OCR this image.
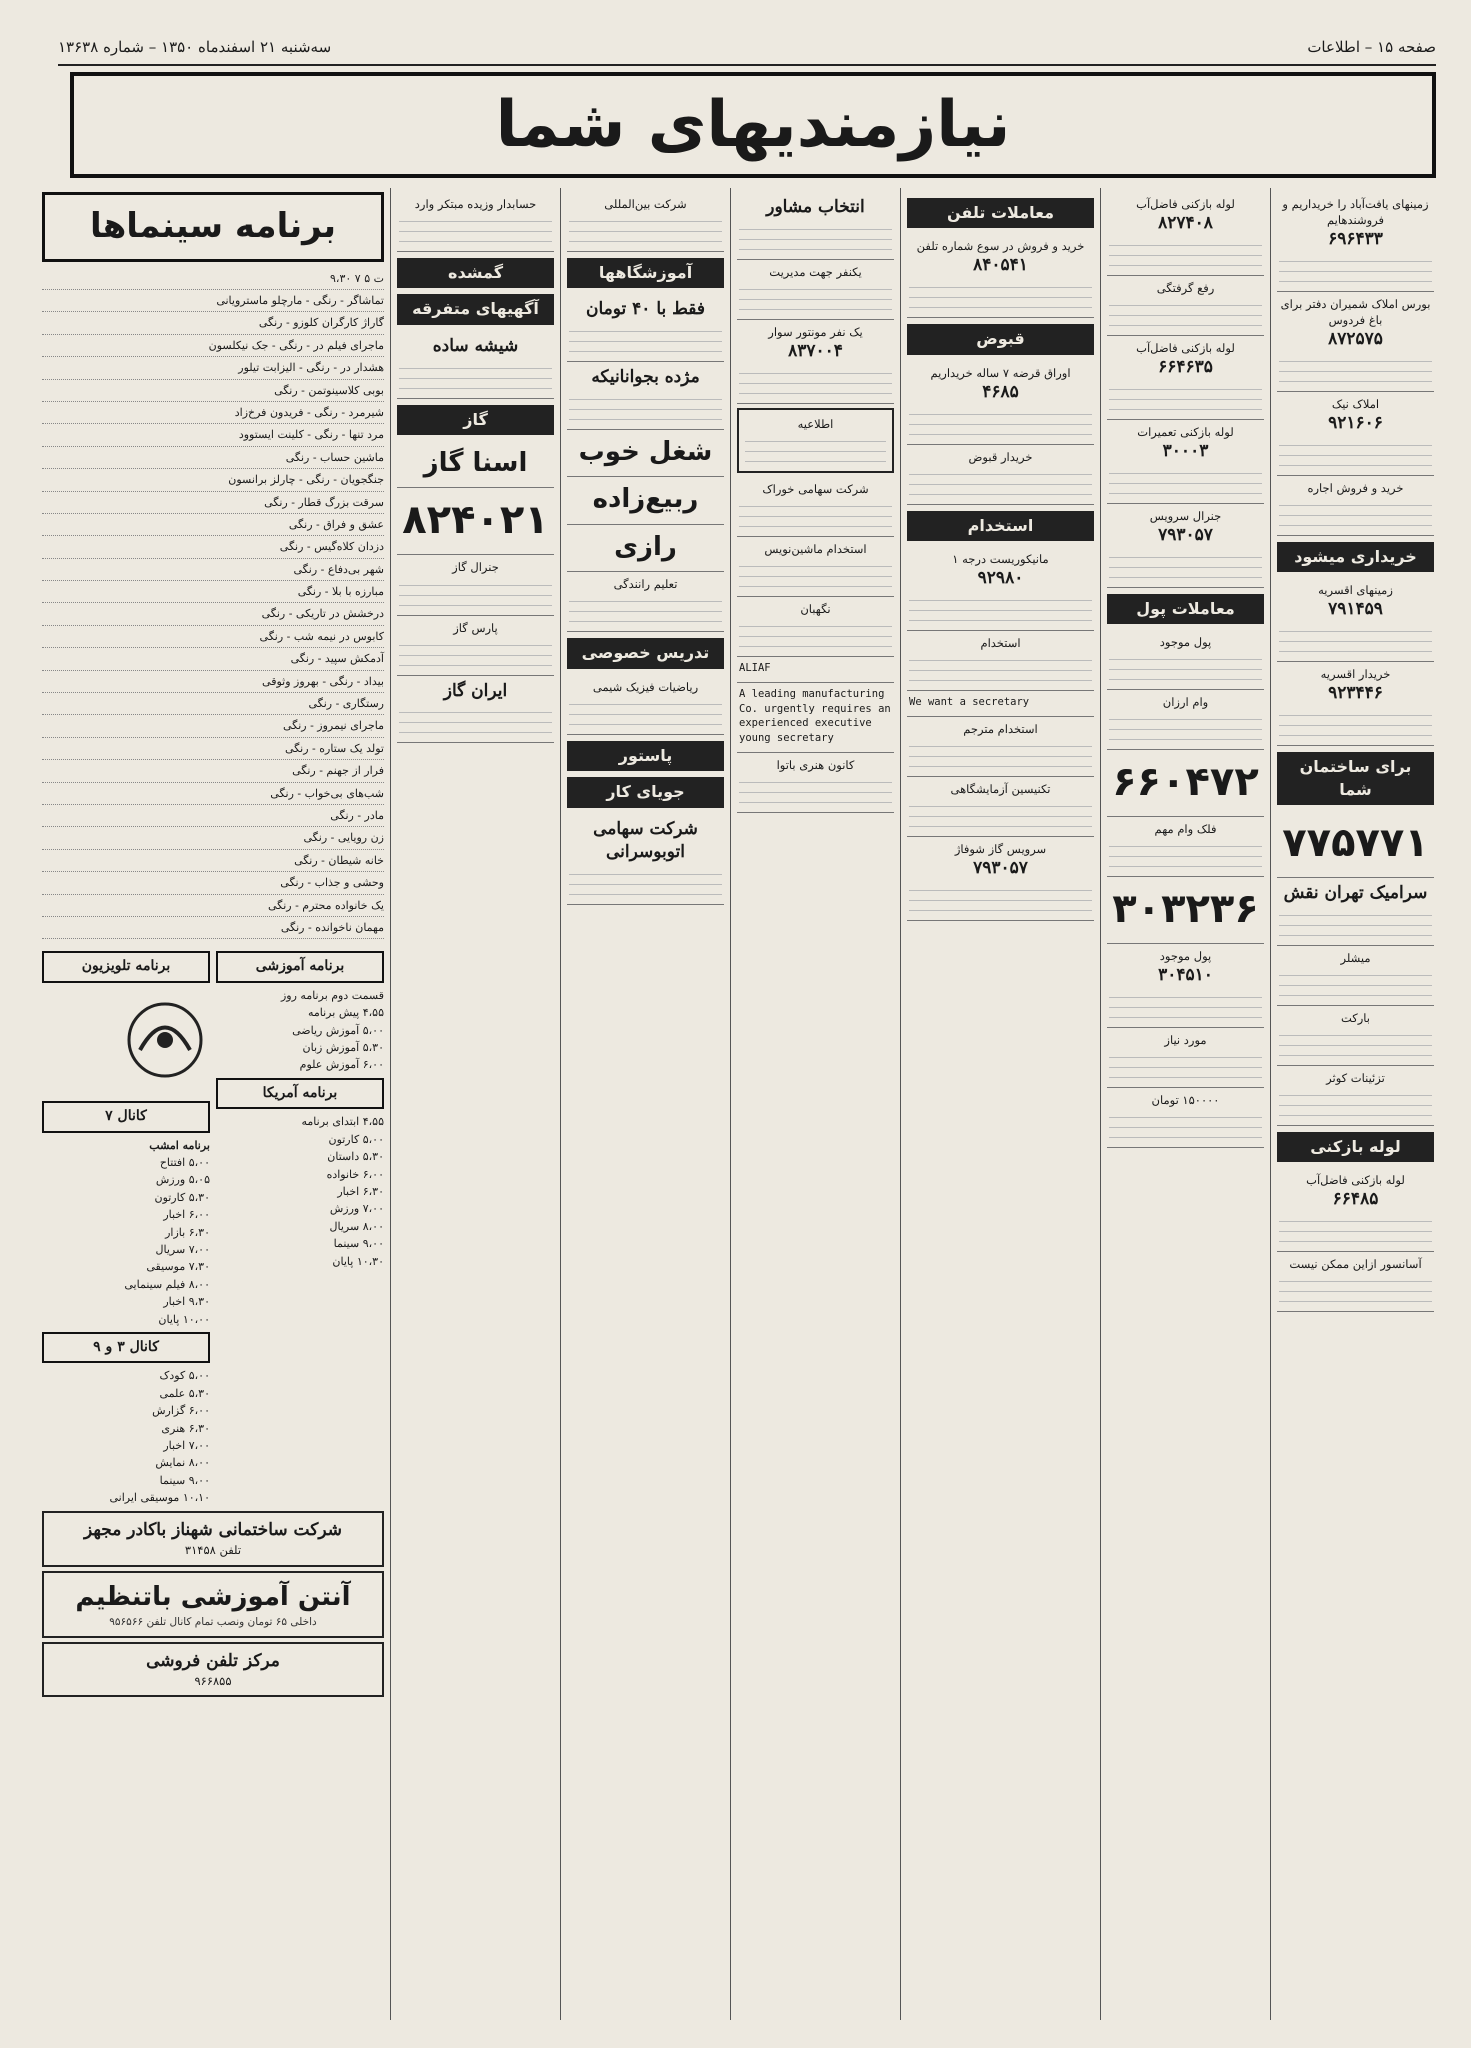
صفحه ۱۵ – اطلاعات
سه‌شنبه ۲۱ اسفندماه ۱۳۵۰ – شماره ۱۳۶۳۸
نیازمندیهای شما
زمینهای یافت‌آباد را خریداریم و فروشندهایم
۶۹۶۴۳۳
بورس املاک شمیران دفتر برای باغ فردوس
۸۷۲۵۷۵
املاک نیک
۹۲۱۶۰۶
خرید و فروش اجاره
خریداری میشود
زمینهای اقسریه
۷۹۱۴۵۹
خریدار اقسریه
۹۲۳۴۴۶
برای ساختمان شما
۷۷۵۷۷۱
سرامیک تهران نقش
میشلر
بارکت
تزئینات کوثر
لوله بازکنی
لوله بازکنی فاضل‌آب
۶۶۴۸۵
آسانسور ازاین ممکن نیست
لوله بازکنی فاضل‌آب
۸۲۷۴۰۸
رفع گرفتگی
لوله بازکنی فاضل‌آب
۶۶۴۶۳۵
لوله بازکنی تعمیرات
۳۰۰۰۳
جنرال سرویس
۷۹۳۰۵۷
معاملات پول
پول موجود
وام ارزان
۶۶۰۴۷۲
فلک وام مهم
۳۰۳۲۳۶
پول موجود
۳۰۴۵۱۰
مورد نیاز
۱۵۰۰۰۰ تومان
معاملات تلفن
خرید و فروش در سوع شماره تلفن
۸۴۰۵۴۱
قبوض
اوراق قرضه ۷ ساله خریداریم
۴۶۸۵
خریدار قبوض
استخدام
مانیکوریست درجه ۱
۹۲۹۸۰
استخدام
We want a secretary
استخدام مترجم
تکنیسین آزمایشگاهی
سرویس گاز شوفاژ
۷۹۳۰۵۷
انتخاب مشاور
یکنفر جهت مدیریت
یک نفر مونتور سوار
۸۳۷۰۰۴
اطلاعیه
شرکت سهامی خوراک
استخدام ماشین‌نویس
نگهبان
ALIAF
A leading manufacturing Co. urgently requires an experienced executive young secretary
کانون هنری باتوا
شرکت بین‌المللی
آموزشگاهها
فقط با ۴۰ تومان
مژده بجوانانیکه
شغل خوب
ربیع‌زاده
رازی
تعلیم رانندگی
تدریس خصوصی
ریاضیات فیزیک شیمی
پاستور
جویای کار
شرکت سهامی اتوبوسرانی
حسابدار وزیده مبتکر وارد
گمشده
آگهیهای متفرقه
شیشه ساده
گاز
اسنا گاز
۸۲۴۰۲۱
جنرال گاز
پارس گاز
ایران گاز
برنامه سینماها
ت ۵ ۷ ۹،۳۰
تماشاگر - رنگی - مارچلو ماسترویانی
گاراژ کارگران کلوزو - رنگی
ماجرای فیلم در - رنگی - جک نیکلسون
هشدار در - رنگی - الیزابت تیلور
بوبی کلاسینوتمن - رنگی
شیرمرد - رنگی - فریدون فرخ‌زاد
مرد تنها - رنگی - کلینت ایستوود
ماشین حساب - رنگی
جنگجویان - رنگی - چارلز برانسون
سرقت بزرگ قطار - رنگی
عشق و فراق - رنگی
دزدان کلاه‌گیس - رنگی
شهر بی‌دفاع - رنگی
مبارزه با بلا - رنگی
درخشش در تاریکی - رنگی
کابوس در نیمه شب - رنگی
آدمکش سپید - رنگی
بیداد - رنگی - بهروز وثوقی
رستگاری - رنگی
ماجرای نیمروز - رنگی
تولد یک ستاره - رنگی
فرار از جهنم - رنگی
شب‌های بی‌خواب - رنگی
مادر - رنگی
زن رویایی - رنگی
خانه شیطان - رنگی
وحشی و جذاب - رنگی
یک خانواده محترم - رنگی
مهمان ناخوانده - رنگی
برنامه آموزشی
قسمت دوم برنامه روز
۴،۵۵ پیش برنامه
۵،۰۰ آموزش ریاضی
۵،۳۰ آموزش زبان
۶،۰۰ آموزش علوم
برنامه آمریکا
۴،۵۵ ابتدای برنامه
۵،۰۰ کارتون
۵،۳۰ داستان
۶،۰۰ خانواده
۶،۳۰ اخبار
۷،۰۰ ورزش
۸،۰۰ سریال
۹،۰۰ سینما
۱۰،۳۰ پایان
برنامه تلویزیون
کانال ۷
برنامه امشب
۵،۰۰ افتتاح
۵،۰۵ ورزش
۵،۳۰ کارتون
۶،۰۰ اخبار
۶،۳۰ بازار
۷،۰۰ سریال
۷،۳۰ موسیقی
۸،۰۰ فیلم سینمایی
۹،۳۰ اخبار
۱۰،۰۰ پایان
کانال ۳ و ۹
۵،۰۰ کودک
۵،۳۰ علمی
۶،۰۰ گزارش
۶،۳۰ هنری
۷،۰۰ اخبار
۸،۰۰ نمایش
۹،۰۰ سینما
۱۰،۱۰ موسیقی ایرانی
شرکت ساختمانی شهناز باکادر مجهز
تلفن ۳۱۴۵۸
آنتن آموزشی باتنظیم
داخلی ۶۵ تومان ونصب تمام کانال تلفن ۹۵۶۵۶۶
مرکز تلفن فروشی
۹۶۶۸۵۵
